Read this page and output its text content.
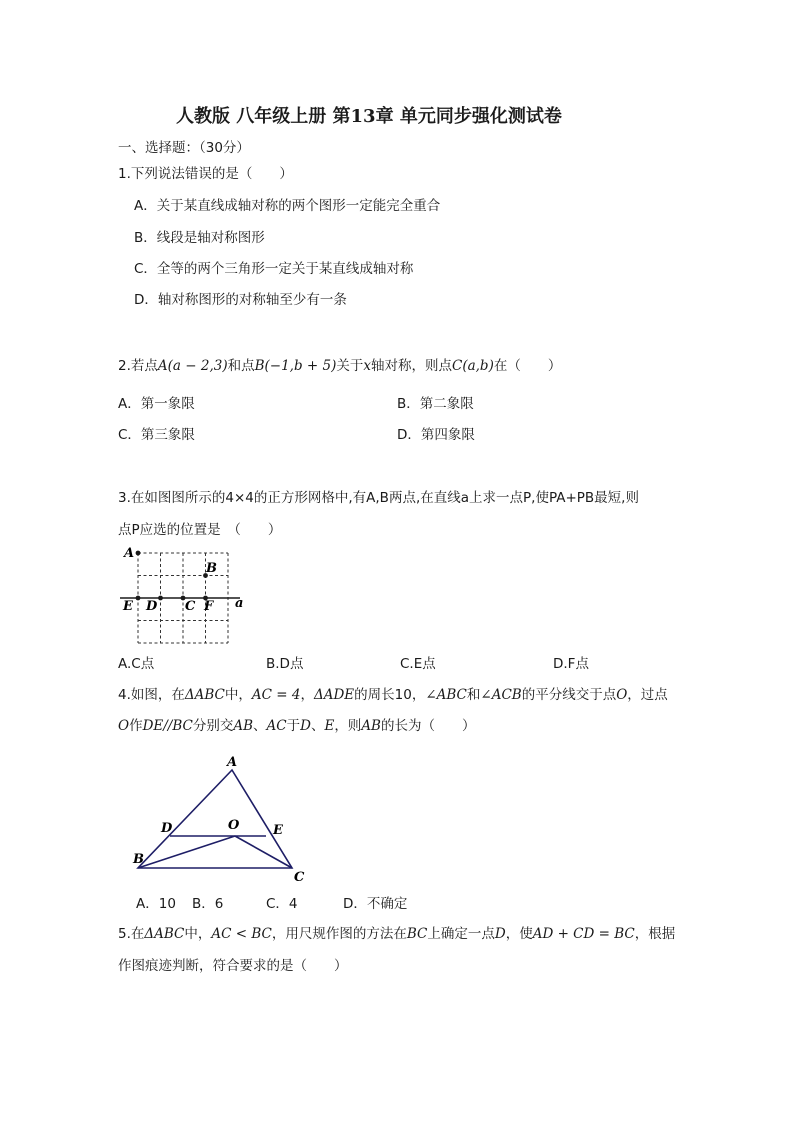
人教版 八年级上册 第13章 单元同步强化测试卷
一、选择题：（30分）
1.下列说法错误的是（　　）
A．关于某直线成轴对称的两个图形一定能完全重合
B．线段是轴对称图形
C．全等的两个三角形一定关于某直线成轴对称
D．轴对称图形的对称轴至少有一条
2.若点A(a − 2,3)和点B(−1,b + 5)关于x轴对称，则点C(a,b)在（　　）
A．第一象限	B．第二象限
C．第三象限	D．第四象限
3.在如图图所示的4×4的正方形网格中,有A,B两点,在直线a上求一点P,使PA+PB最短,则
点P应选的位置是　（　　）
A
B
E D C F a
A.C点	B.D点	C.E点	D.F点
4.如图，在ΔABC中，AC = 4，ΔADE的周长10，∠ABC和∠ACB的平分线交于点O，过点
O作DE//BC分别交AB、AC于D、E，则AB的长为（　　）
A
D	O	E
B
C
A．10 B．6	C．4	D．不确定
5.在ΔABC中，AC < BC，用尺规作图的方法在BC上确定一点D，使AD + CD = BC，根据
作图痕迹判断，符合要求的是（　　）
